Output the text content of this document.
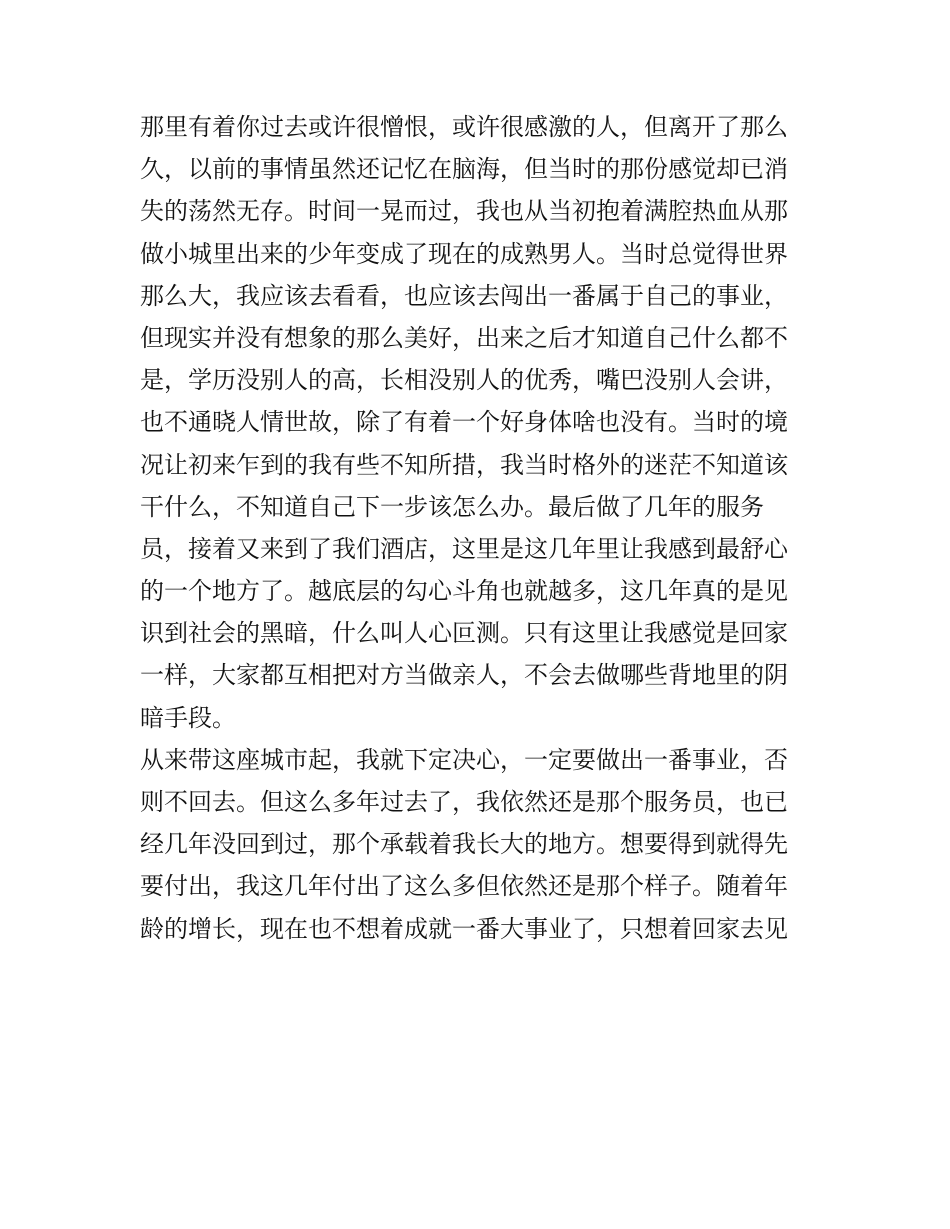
那里有着你过去或许很憎恨，或许很感激的人，但离开了那么
久，以前的事情虽然还记忆在脑海，但当时的那份感觉却已消
失的荡然无存。时间一晃而过，我也从当初抱着满腔热血从那
做小城里出来的少年变成了现在的成熟男人。当时总觉得世界
那么大，我应该去看看，也应该去闯出一番属于自己的事业，
但现实并没有想象的那么美好，出来之后才知道自己什么都不
是，学历没别人的高，长相没别人的优秀，嘴巴没别人会讲，
也不通晓人情世故，除了有着一个好身体啥也没有。当时的境
况让初来乍到的我有些不知所措，我当时格外的迷茫不知道该
干什么，不知道自己下一步该怎么办。最后做了几年的服务
员，接着又来到了我们酒店，这里是这几年里让我感到最舒心
的一个地方了。越底层的勾心斗角也就越多，这几年真的是见
识到社会的黑暗，什么叫人心叵测。只有这里让我感觉是回家
一样，大家都互相把对方当做亲人，不会去做哪些背地里的阴
暗手段。
从来带这座城市起，我就下定决心，一定要做出一番事业，否
则不回去。但这么多年过去了，我依然还是那个服务员，也已
经几年没回到过，那个承载着我长大的地方。想要得到就得先
要付出，我这几年付出了这么多但依然还是那个样子。随着年
龄的增长，现在也不想着成就一番大事业了，只想着回家去见
